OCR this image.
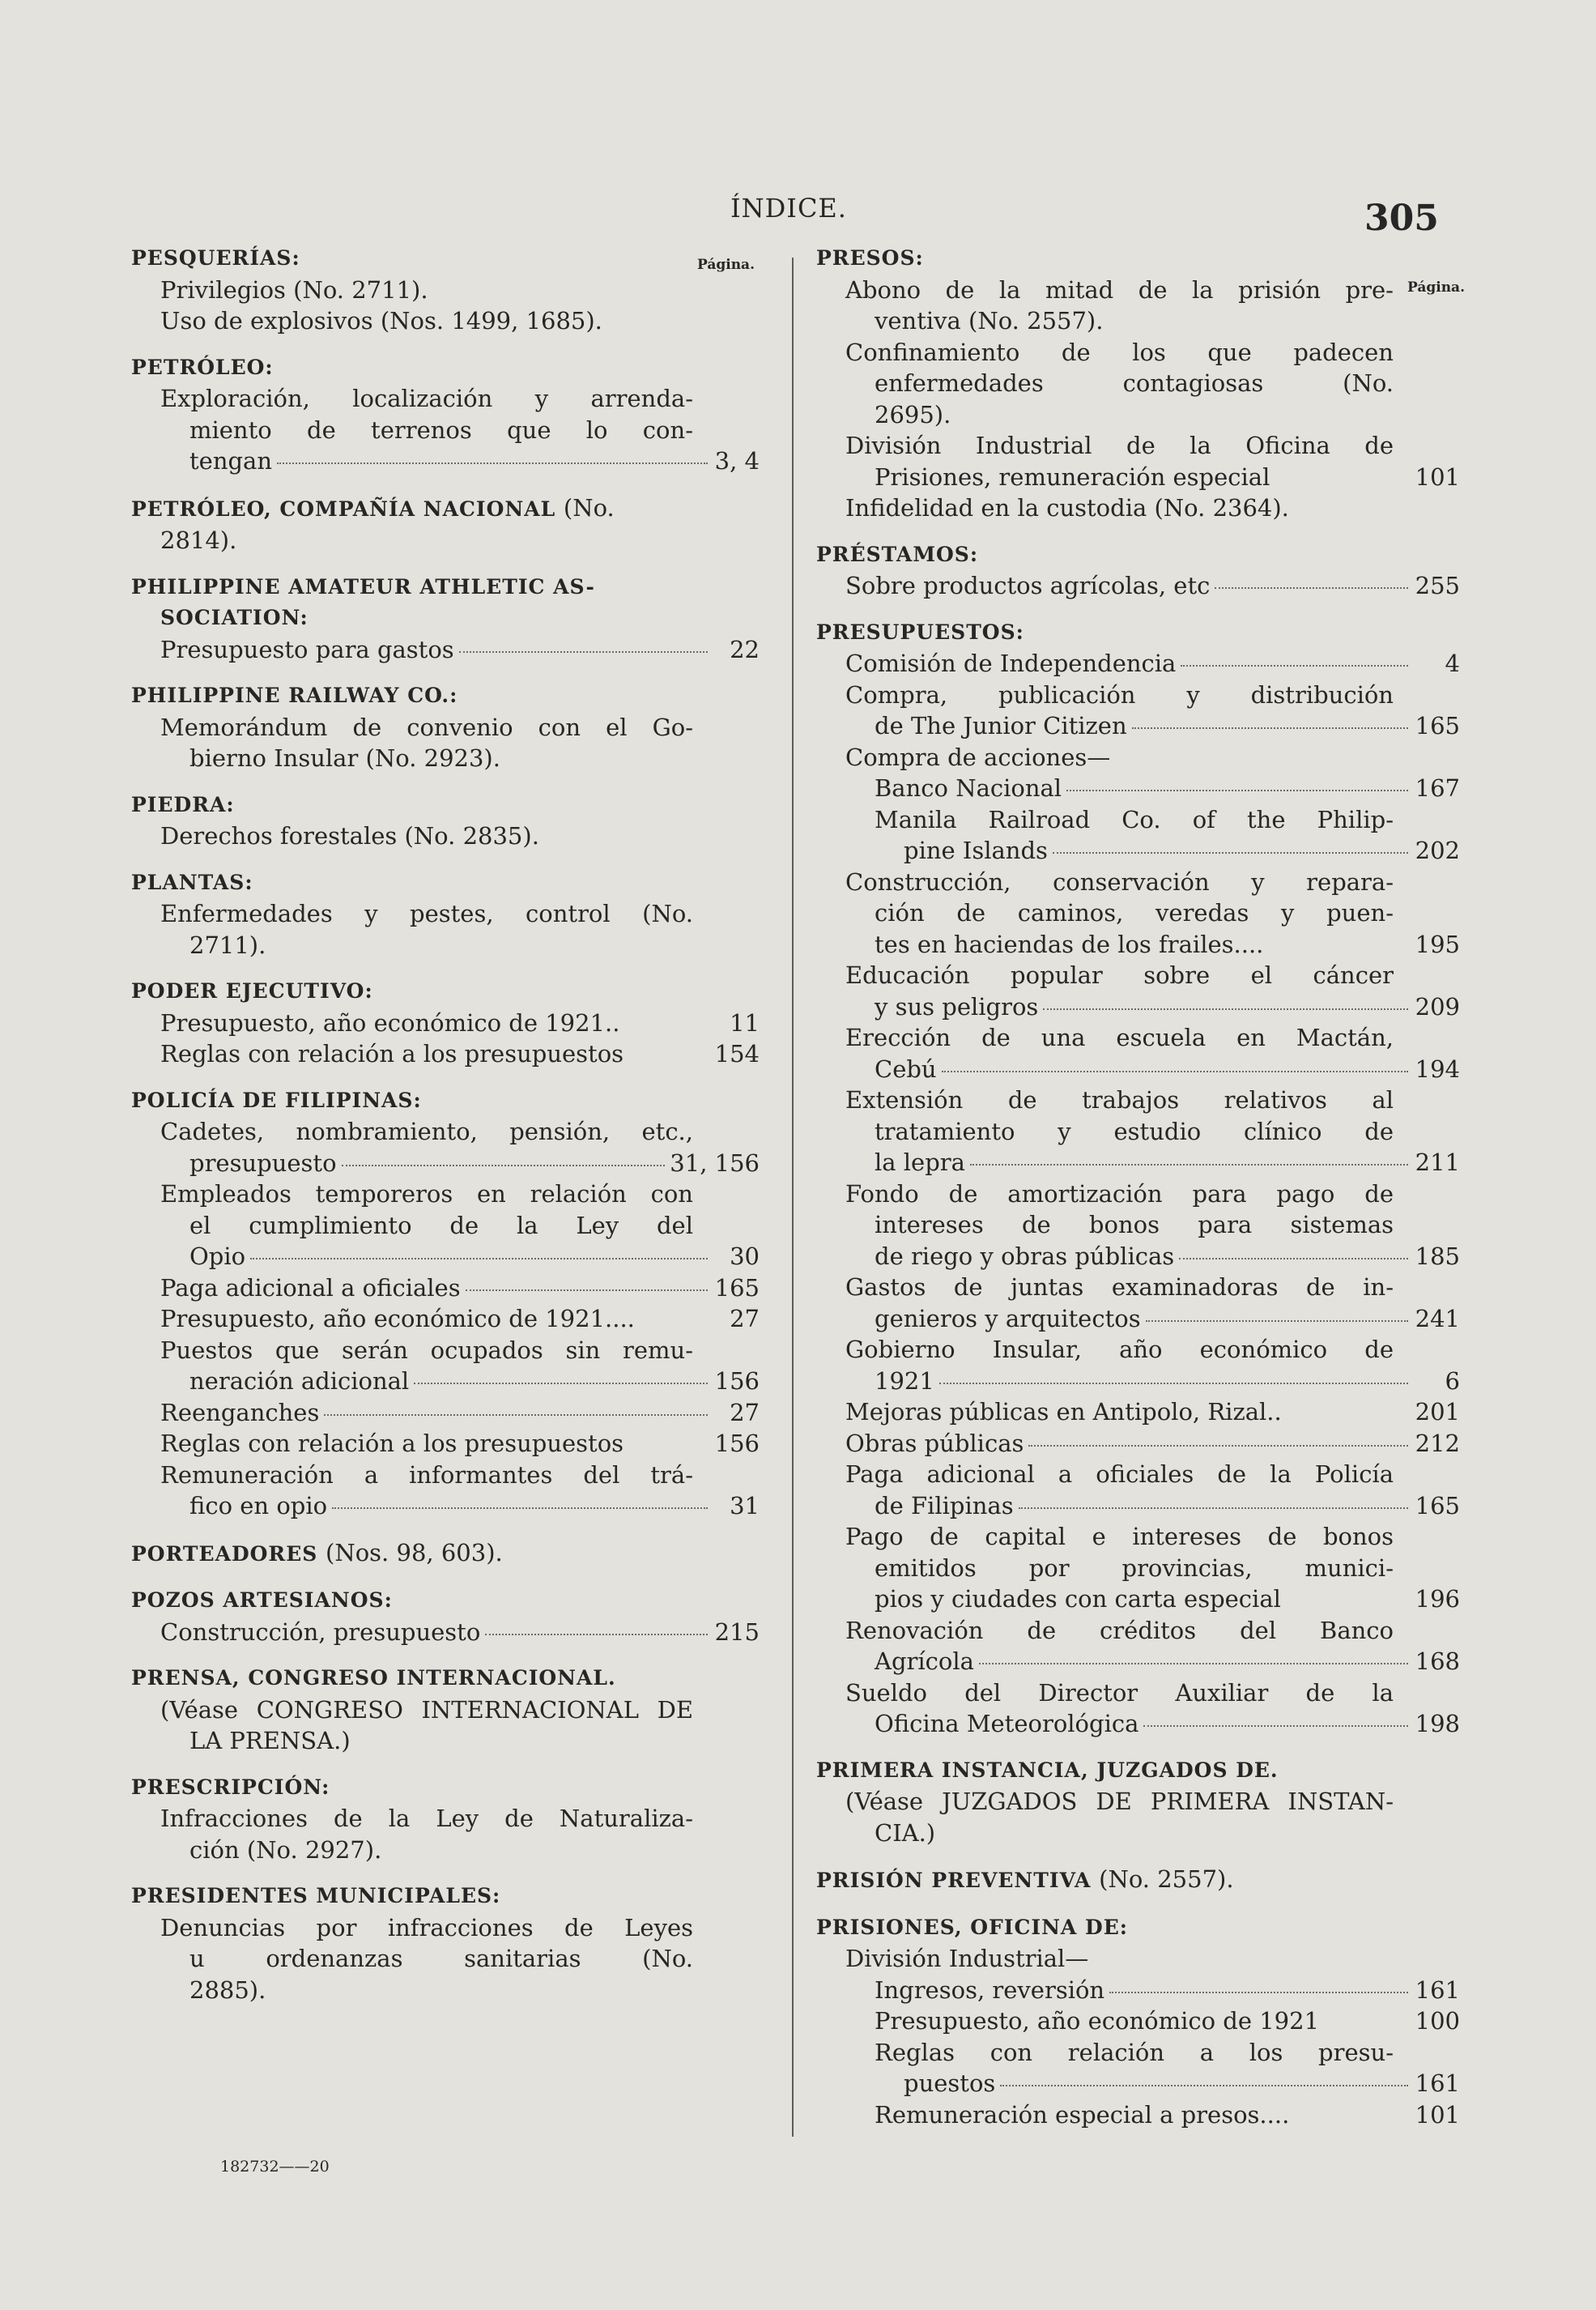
ÍNDICE.	305
Página.
PESQUERÍAS:
Privilegios (No. 2711).
Uso de explosivos (Nos. 1499, 1685).
PETRÓLEO:
Exploración, localización y arrenda-
miento de terrenos que lo con-
tengan	3, 4
PETRÓLEO, COMPAÑÍA NACIONAL (No.
2814).
PHILIPPINE AMATEUR ATHLETIC AS-
SOCIATION:
Presupuesto para gastos	22
PHILIPPINE RAILWAY CO.:
Memorándum de convenio con el Go-
bierno Insular (No. 2923).
PIEDRA:
Derechos forestales (No. 2835).
PLANTAS:
Enfermedades y pestes, control (No.
2711).
PODER EJECUTIVO:
Presupuesto, año económico de 1921..	11
Reglas con relación a los presupuestos	154
POLICÍA DE FILIPINAS:
Cadetes, nombramiento, pensión, etc.,
presupuesto	31, 156
Empleados temporeros en relación con
el cumplimiento de la Ley del
Opio	30
Paga adicional a oficiales	165
Presupuesto, año económico de 1921....	27
Puestos que serán ocupados sin remu-
neración adicional	156
Reenganches	27
Reglas con relación a los presupuestos	156
Remuneración a informantes del trá-
fico en opio	31
PORTEADORES (Nos. 98, 603).
POZOS ARTESIANOS:
Construcción, presupuesto	215
PRENSA, CONGRESO INTERNACIONAL.
(Véase CONGRESO INTERNACIONAL DE
LA PRENSA.)
PRESCRIPCIÓN:
Infracciones de la Ley de Naturaliza-
ción (No. 2927).
PRESIDENTES MUNICIPALES:
Denuncias por infracciones de Leyes
u ordenanzas sanitarias (No.
2885).
Página.
PRESOS:
Abono de la mitad de la prisión pre-
ventiva (No. 2557).
Confinamiento de los que padecen
enfermedades contagiosas (No.
2695).
División Industrial de la Oficina de
Prisiones, remuneración especial	101
Infidelidad en la custodia (No. 2364).
PRÉSTAMOS:
Sobre productos agrícolas, etc	255
PRESUPUESTOS:
Comisión de Independencia	4
Compra, publicación y distribución
de The Junior Citizen	165
Compra de acciones—
Banco Nacional	167
Manila Railroad Co. of the Philip-
pine Islands	202
Construcción, conservación y repara-
ción de caminos, veredas y puen-
tes en haciendas de los frailes....	195
Educación popular sobre el cáncer
y sus peligros	209
Erección de una escuela en Mactán,
Cebú	194
Extensión de trabajos relativos al
tratamiento y estudio clínico de
la lepra	211
Fondo de amortización para pago de
intereses de bonos para sistemas
de riego y obras públicas	185
Gastos de juntas examinadoras de in-
genieros y arquitectos	241
Gobierno Insular, año económico de
1921	6
Mejoras públicas en Antipolo, Rizal..	201
Obras públicas	212
Paga adicional a oficiales de la Policía
de Filipinas	165
Pago de capital e intereses de bonos
emitidos por provincias, munici-
pios y ciudades con carta especial	196
Renovación de créditos del Banco
Agrícola	168
Sueldo del Director Auxiliar de la
Oficina Meteorológica	198
PRIMERA INSTANCIA, JUZGADOS DE.
(Véase JUZGADOS DE PRIMERA INSTAN-
CIA.)
PRISIÓN PREVENTIVA (No. 2557).
PRISIONES, OFICINA DE:
División Industrial—
Ingresos, reversión	161
Presupuesto, año económico de 1921	100
Reglas con relación a los presu-
puestos	161
Remuneración especial a presos....	101
182732——20
